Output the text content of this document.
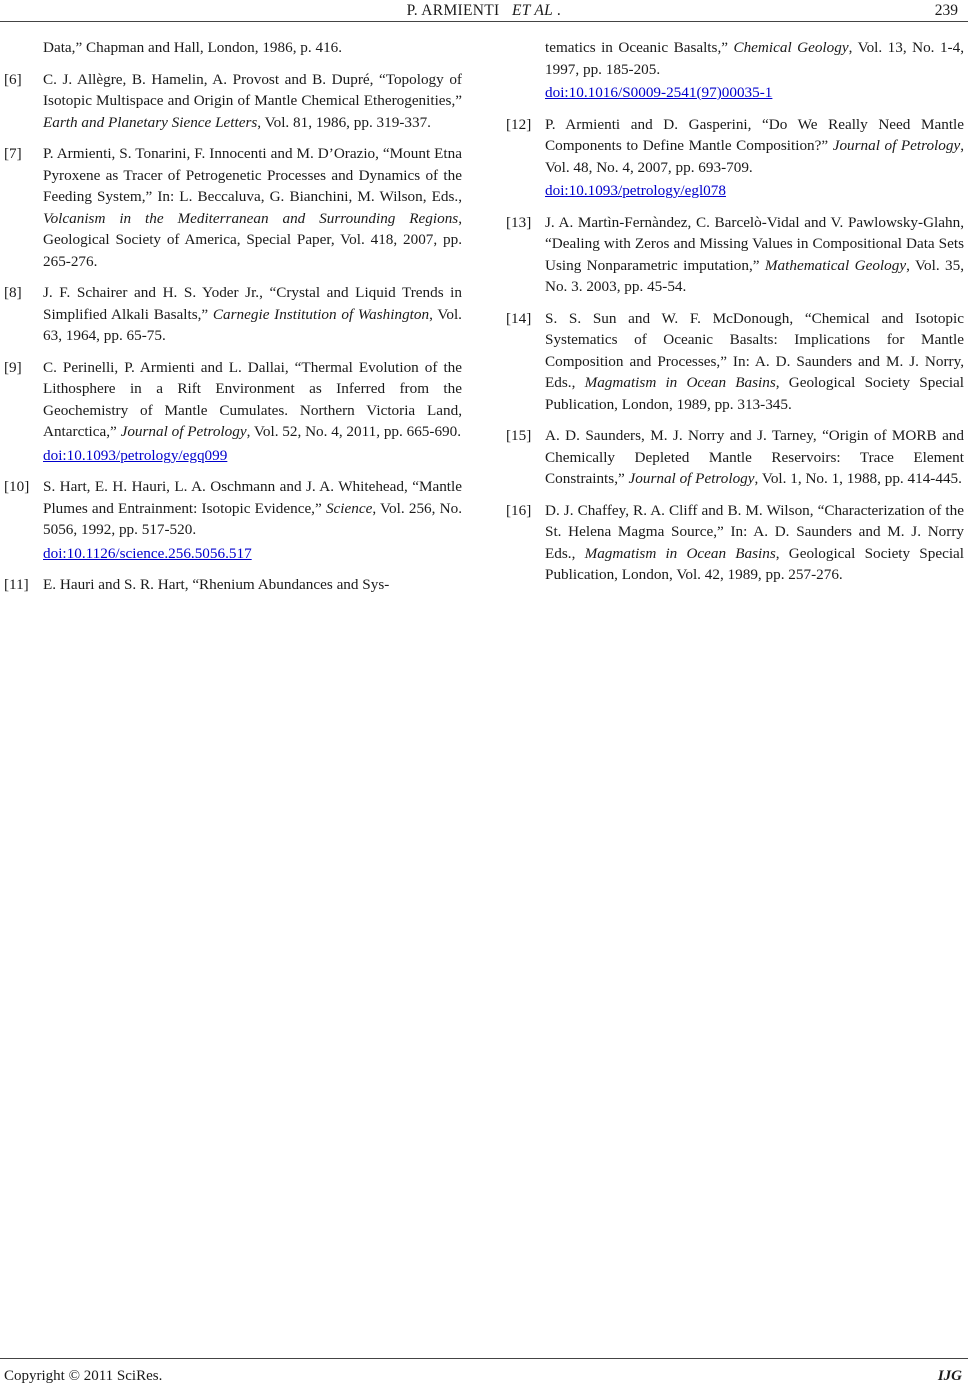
P. ARMIENTI ET AL .	239
Data,” Chapman and Hall, London, 1986, p. 416.
[6]	C. J. Allègre, B. Hamelin, A. Provost and B. Dupré, “Topology of Isotopic Multispace and Origin of Mantle Chemical Etherogenities,” Earth and Planetary Sience Letters, Vol. 81, 1986, pp. 319-337.
[7]	P. Armienti, S. Tonarini, F. Innocenti and M. D’Orazio, “Mount Etna Pyroxene as Tracer of Petrogenetic Processes and Dynamics of the Feeding System,” In: L. Beccaluva, G. Bianchini, M. Wilson, Eds., Volcanism in the Mediterranean and Surrounding Regions, Geological Society of America, Special Paper, Vol. 418, 2007, pp. 265-276.
[8]	J. F. Schairer and H. S. Yoder Jr., “Crystal and Liquid Trends in Simplified Alkali Basalts,” Carnegie Institution of Washington, Vol. 63, 1964, pp. 65-75.
[9]	C. Perinelli, P. Armienti and L. Dallai, “Thermal Evolution of the Lithosphere in a Rift Environment as Inferred from the Geochemistry of Mantle Cumulates. Northern Victoria Land, Antarctica,” Journal of Petrology, Vol. 52, No. 4, 2011, pp. 665-690.
doi:10.1093/petrology/egq099
[10] S. Hart, E. H. Hauri, L. A. Oschmann and J. A. Whitehead, “Mantle Plumes and Entrainment: Isotopic Evidence,” Science, Vol. 256, No. 5056, 1992, pp. 517-520.
doi:10.1126/science.256.5056.517
[11] E. Hauri and S. R. Hart, “Rhenium Abundances and Sys-
tematics in Oceanic Basalts,” Chemical Geology, Vol. 13, No. 1-4, 1997, pp. 185-205.
doi:10.1016/S0009-2541(97)00035-1
[12] P. Armienti and D. Gasperini, “Do We Really Need Mantle Components to Define Mantle Composition?” Journal of Petrology, Vol. 48, No. 4, 2007, pp. 693-709.
doi:10.1093/petrology/egl078
[13] J. A. Martìn-Fernàndez, C. Barcelò-Vidal and V. Pawlowsky-Glahn, “Dealing with Zeros and Missing Values in Compositional Data Sets Using Nonparametric imputation,” Mathematical Geology, Vol. 35, No. 3. 2003, pp. 45-54.
[14] S. S. Sun and W. F. McDonough, “Chemical and Isotopic Systematics of Oceanic Basalts: Implications for Mantle Composition and Processes,” In: A. D. Saunders and M. J. Norry, Eds., Magmatism in Ocean Basins, Geological Society Special Publication, London, 1989, pp. 313-345.
[15] A. D. Saunders, M. J. Norry and J. Tarney, “Origin of MORB and Chemically Depleted Mantle Reservoirs: Trace Element Constraints,” Journal of Petrology, Vol. 1, No. 1, 1988, pp. 414-445.
[16] D. J. Chaffey, R. A. Cliff and B. M. Wilson, “Characterization of the St. Helena Magma Source,” In: A. D. Saunders and M. J. Norry Eds., Magmatism in Ocean Basins, Geological Society Special Publication, London, Vol. 42, 1989, pp. 257-276.
Copyright © 2011 SciRes.	IJG
